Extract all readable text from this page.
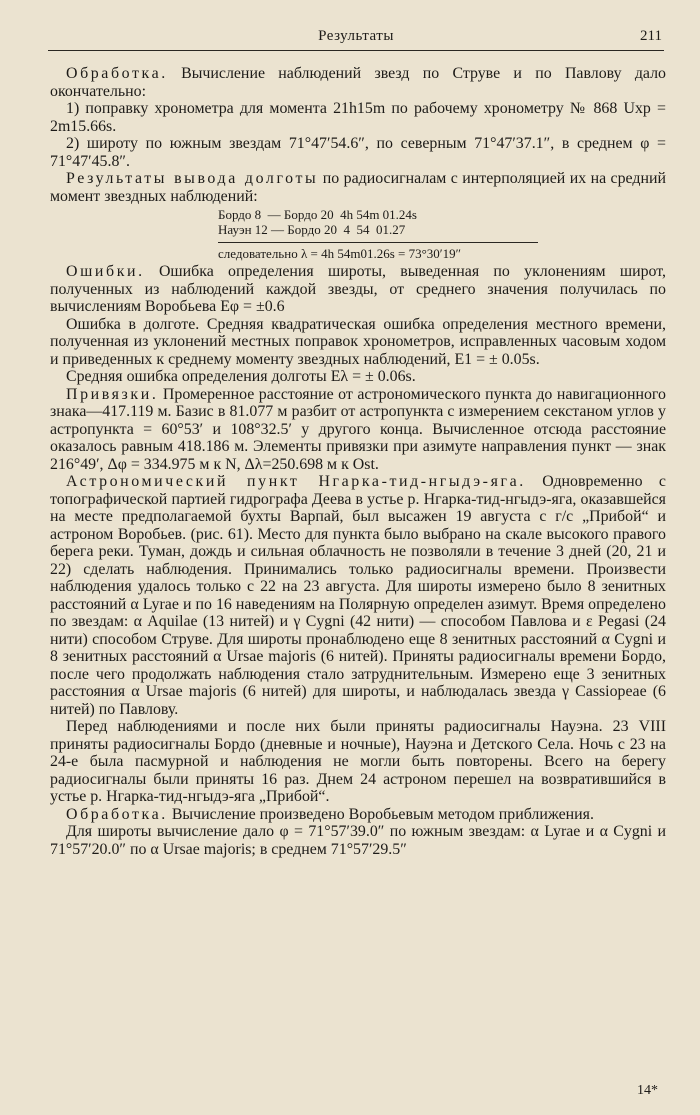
Результаты	211

Обработка. Вычисление наблюдений звезд по Струве и по Павлову дало окончательно:

1) поправку хронометра для момента 21h15m по рабочему хронометру № 868 Uхр = 2m15.66s.

2) широту по южным звездам 71°47′54.6″, по северным 71°47′37.1″, в среднем φ = 71°47′45.8″.

Результаты вывода долготы по радиосигналам с интерполяцией их на средний момент звездных наблюдений:

Бордо 8  — Бордо 20  4h 54m 01.24s
Науэн 12 — Бордо 20  4  54  01.27
следовательно λ = 4h 54m01.26s = 73°30′19″

Ошибки. Ошибка определения широты, выведенная по уклонениям широт, полученных из наблюдений каждой звезды, от среднего значения получилась по вычислениям Воробьева Eφ = ±0.6

Ошибка в долготе. Средняя квадратическая ошибка определения местного времени, полученная из уклонений местных поправок хронометров, исправленных часовым ходом и приведенных к среднему моменту звездных наблюдений, E1 = ± 0.05s.

Средняя ошибка определения долготы Eλ = ± 0.06s.

Привязки. Промеренное расстояние от астрономического пункта до навигационного знака—417.119 м. Базис в 81.077 м разбит от астропункта с измерением секстаном углов у астропункта = 60°53′ и 108°32.5′ у другого конца. Вычисленное отсюда расстояние оказалось равным 418.186 м. Элементы привязки при азимуте направления пункт — знак 216°49′, Δφ = 334.975 м к N, Δλ=250.698 м к Ost.

Астрономический пункт Нгарка-тид-нгыдэ-яга. Одновременно с топографической партией гидрографа Деева в устье р. Нгарка-тид-нгыдэ-яга, оказавшейся на месте предполагаемой бухты Варпай, был высажен 19 августа с г/с „Прибой“ и астроном Воробьев. (рис. 61). Место для пункта было выбрано на скале высокого правого берега реки. Туман, дождь и сильная облачность не позволяли в течение 3 дней (20, 21 и 22) сделать наблюдения. Принимались только радиосигналы времени. Произвести наблюдения удалось только с 22 на 23 августа. Для широты измерено было 8 зенитных расстояний α Lyrae и по 16 наведениям на Полярную определен азимут. Время определено по звездам: α Aquilae (13 нитей) и γ Cygni (42 нити) — способом Павлова и ε Pegasi (24 нити) способом Струве. Для широты пронаблюдено еще 8 зенитных расстояний α Cygni и 8 зенитных расстояний α Ursae majoris (6 нитей). Приняты радиосигналы времени Бордо, после чего продолжать наблюдения стало затруднительным. Измерено еще 3 зенитных расстояния α Ursae majoris (6 нитей) для широты, и наблюдалась звезда γ Cassiopeae (6 нитей) по Павлову.

Перед наблюдениями и после них были приняты радиосигналы Науэна. 23 VIII приняты радиосигналы Бордо (дневные и ночные), Науэна и Детского Села. Ночь с 23 на 24-е была пасмурной и наблюдения не могли быть повторены. Всего на берегу радиосигналы были приняты 16 раз. Днем 24 астроном перешел на возвратившийся в устье р. Нгарка-тид-нгыдэ-яга „Прибой“.

Обработка. Вычисление произведено Воробьевым методом приближения.

Для широты вычисление дало φ = 71°57′39.0″ по южным звездам: α Lyrae и α Cygni и 71°57′20.0″ по α Ursae majoris; в среднем 71°57′29.5″

14*
